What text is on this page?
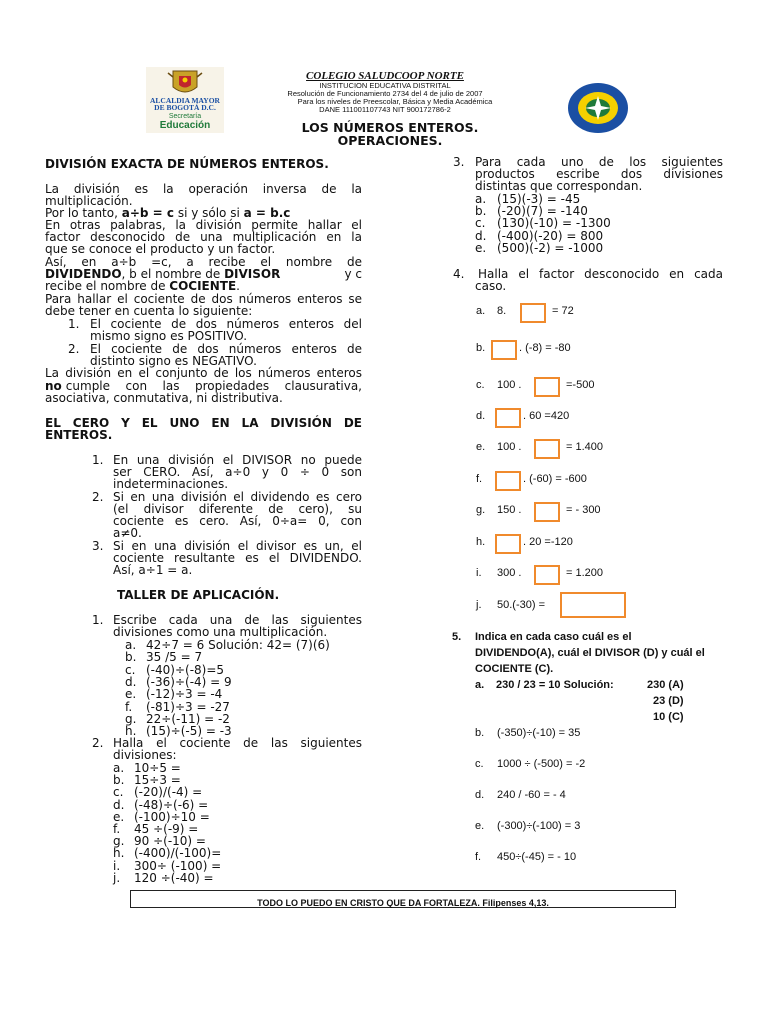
ALCALDIA MAYOR
DE BOGOTÁ D.C.
Secretaría
Educación
COLEGIO SALUDCOOP NORTE
INSTITUCION EDUCATIVA DISTRITAL
Resolución de Funcionamiento 2734 del 4 de julio de 2007
Para los niveles de Preescolar, Básica y Media Académica
DANE 111001107743 NIT 900172786-2
LOS NÚMEROS ENTEROS.
OPERACIONES.
DIVISIÓN EXACTA DE NÚMEROS ENTEROS.
La división es la operación inversa de la
multiplicación.
Por lo tanto, a÷b = c si y sólo si a = b.c
En otras palabras, la división permite hallar el
factor desconocido de una multiplicación en la
que se conoce el producto y un factor.
Así, en a÷b =c, a recibe el nombre de
DIVIDENDO, b el nombre de DIVISOR	y c
recibe el nombre de COCIENTE.
Para hallar el cociente de dos números enteros se
debe tener en cuenta lo siguiente:
1. El cociente de dos números enteros del
mismo signo es POSITIVO.
2. El cociente de dos números enteros de
distinto signo es NEGATIVO.
La división en el conjunto de los números enteros
no cumple con las propiedades clausurativa,
asociativa, conmutativa, ni distributiva.
EL CERO Y EL UNO EN LA DIVISIÓN DE
ENTEROS.
1. En una división el DIVISOR no puede
ser CERO. Así, a÷0 y 0 ÷ 0 son
indeterminaciones.
2. Si en una división el dividendo es cero
(el divisor diferente de cero), su
cociente es cero. Así, 0÷a= 0, con
a≠0.
3. Si en una división el divisor es un, el
cociente resultante es el DIVIDENDO.
Así, a÷1 = a.
TALLER DE APLICACIÓN.
1. Escribe cada una de las siguientes
divisiones como una multiplicación.
a. 42÷7 = 6 Solución: 42= (7)(6)
b. 35 /5 = 7
c. (-40)÷(-8)=5
d. (-36)÷(-4) = 9
e. (-12)÷3 = -4
f. (-81)÷3 = -27
g. 22÷(-11) = -2
h. (15)÷(-5) = -3
2. Halla el cociente de las siguientes
divisiones:
a. 10÷5 =
b. 15÷3 =
c. (-20)/(-4) =
d. (-48)÷(-6) =
e. (-100)÷10 =
f. 45 ÷(-9) =
g. 90 ÷(-10) =
h. (-400)/(-100)=
i. 300÷ (-100) =
j. 120 ÷(-40) =
3. Para cada uno de los siguientes
productos escribe dos divisiones
distintas que correspondan.
a. (15)(-3) = -45
b. (-20)(7) = -140
c. (130)(-10) = -1300
d. (-400)(-20) = 800
e. (500)(-2) = -1000
4. Halla el factor desconocido en cada
caso.
a. 8.	= 72
b.	. (-8) = -80
c. 100 .	=-500
d.	. 60 =420
e. 100 .	= 1.400
f.	. (-60) = -600
g. 150 .	= - 300
h.	. 20 =-120
i. 300 .	= 1.200
j. 50.(-30) =
5. Indica en cada caso cuál es el
DIVIDENDO(A), cuál el DIVISOR (D) y cuál el
COCIENTE (C).
a. 230 / 23 = 10 Solución:	230 (A)
23 (D)
10 (C)
b. (-350)÷(-10) = 35
c. 1000 ÷ (-500) = -2
d. 240 / -60 = - 4
e. (-300)÷(-100) = 3
f. 450÷(-45) = - 10
TODO LO PUEDO EN CRISTO QUE DA FORTALEZA. Filipenses 4,13.
